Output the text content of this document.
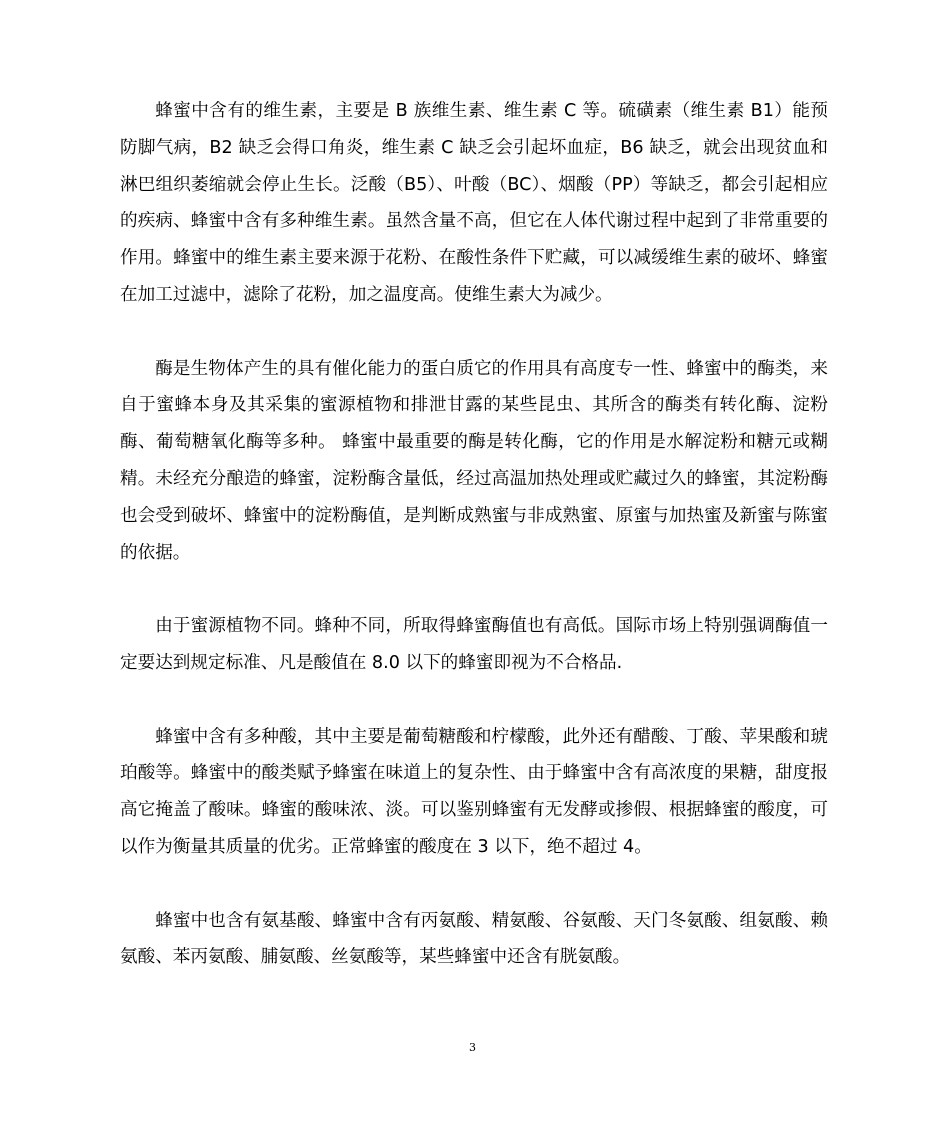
蜂蜜中含有的维生素，主要是 B 族维生素、维生素 C 等。硫磺素（维生素 B1）能预防脚气病，B2 缺乏会得口角炎，维生素 C 缺乏会引起坏血症，B6 缺乏，就会出现贫血和淋巴组织萎缩就会停止生长。泛酸（B5）、叶酸（BC）、烟酸（PP）等缺乏，都会引起相应的疾病、蜂蜜中含有多种维生素。虽然含量不高，但它在人体代谢过程中起到了非常重要的作用。蜂蜜中的维生素主要来源于花粉、在酸性条件下贮藏，可以减缓维生素的破坏、蜂蜜在加工过滤中，滤除了花粉，加之温度高。使维生素大为减少。

酶是生物体产生的具有催化能力的蛋白质它的作用具有高度专一性、蜂蜜中的酶类，来自于蜜蜂本身及其采集的蜜源植物和排泄甘露的某些昆虫、其所含的酶类有转化酶、淀粉酶、葡萄糖氧化酶等多种。 蜂蜜中最重要的酶是转化酶，它的作用是水解淀粉和糖元或糊精。未经充分酿造的蜂蜜，淀粉酶含量低，经过高温加热处理或贮藏过久的蜂蜜，其淀粉酶也会受到破坏、蜂蜜中的淀粉酶值，是判断成熟蜜与非成熟蜜、原蜜与加热蜜及新蜜与陈蜜的依据。

由于蜜源植物不同。蜂种不同，所取得蜂蜜酶值也有高低。国际市场上特别强调酶值一定要达到规定标准、凡是酸值在 8.0 以下的蜂蜜即视为不合格品.

蜂蜜中含有多种酸，其中主要是葡萄糖酸和柠檬酸，此外还有醋酸、丁酸、苹果酸和琥珀酸等。蜂蜜中的酸类赋予蜂蜜在味道上的复杂性、由于蜂蜜中含有高浓度的果糖，甜度报高它掩盖了酸味。蜂蜜的酸味浓、淡。可以鉴别蜂蜜有无发酵或掺假、根据蜂蜜的酸度，可以作为衡量其质量的优劣。正常蜂蜜的酸度在 3 以下，绝不超过 4。

蜂蜜中也含有氨基酸、蜂蜜中含有丙氨酸、精氨酸、谷氨酸、天门冬氨酸、组氨酸、赖氨酸、苯丙氨酸、脯氨酸、丝氨酸等，某些蜂蜜中还含有胱氨酸。

3
